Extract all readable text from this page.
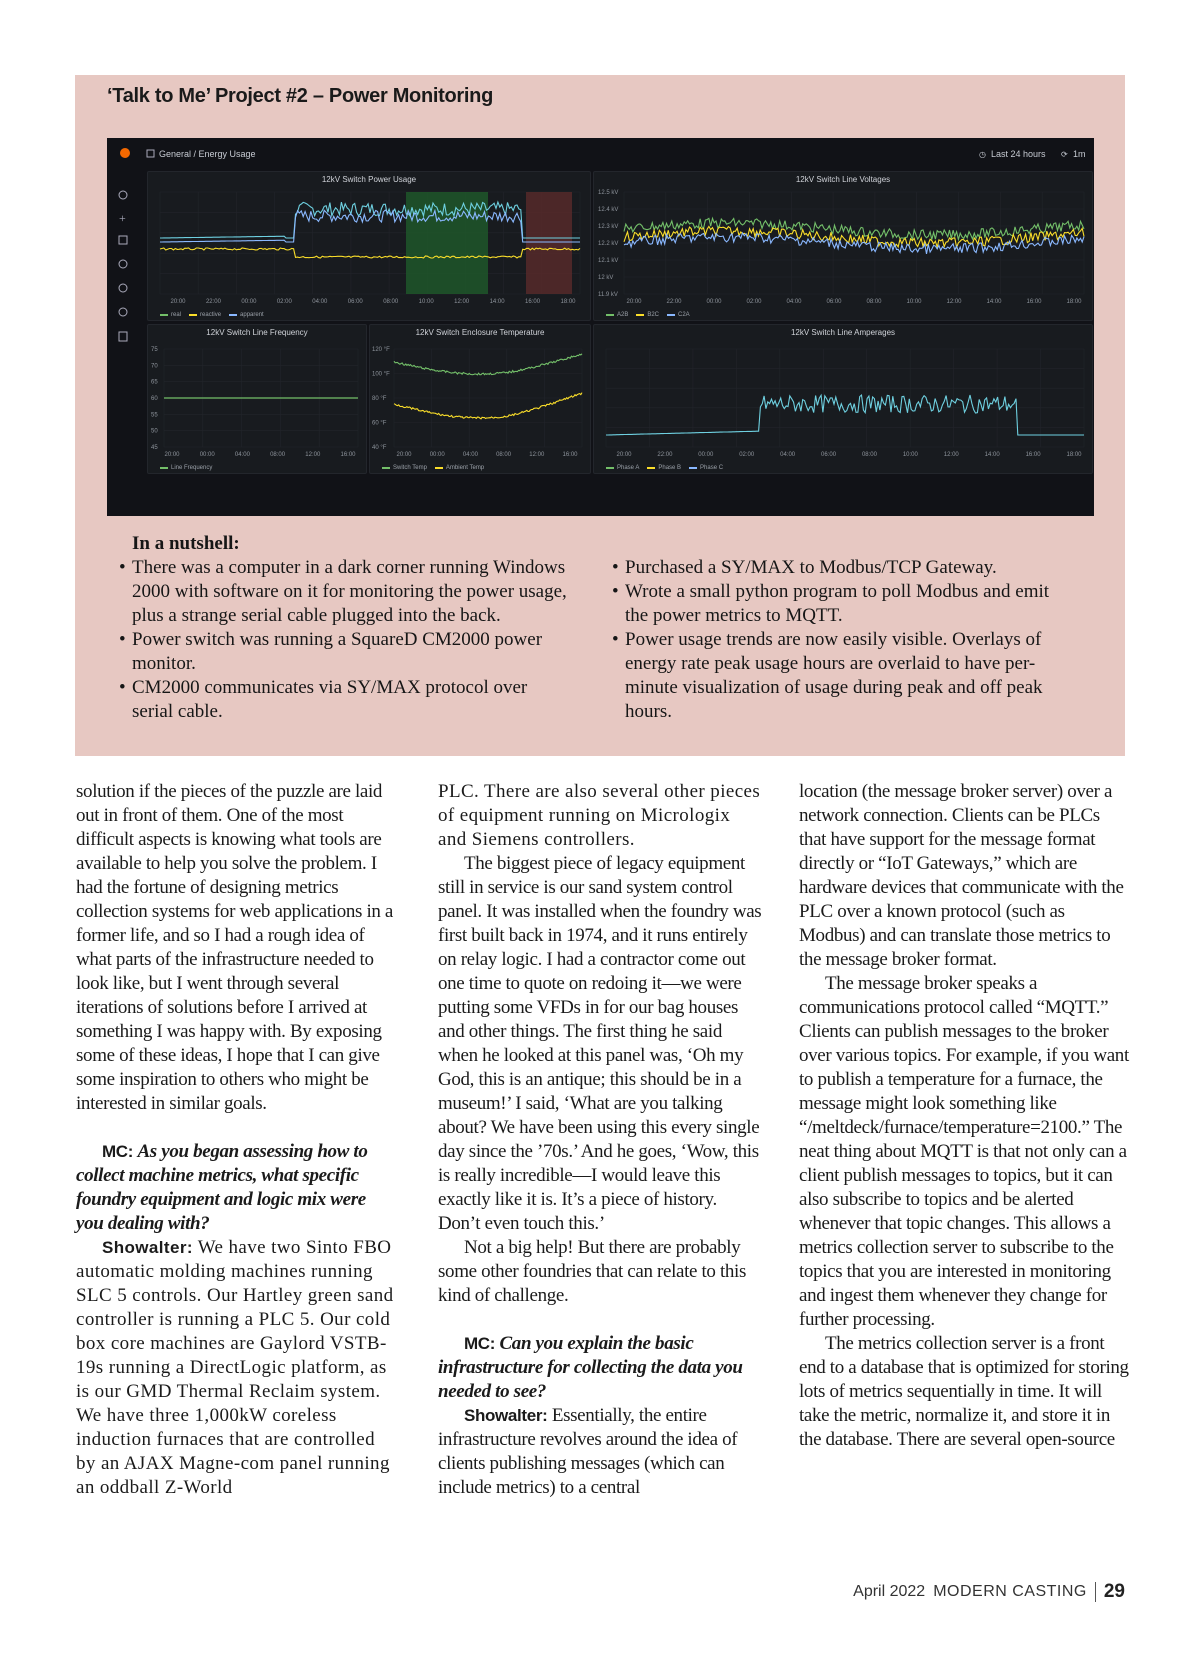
‘Talk to Me’ Project #2 – Power Monitoring
◷	⟳
General / Energy Usage	Last 24 hours	1m
+
12kV Switch Power Usage
20:00	22:00	00:00	02:00	04:00	06:00	08:00	10:00	12:00	14:00	16:00	18:00
real	reactive	apparent
12kV Switch Line Voltages
12.5 kV
12.4 kV
12.3 kV
12.2 kV
12.1 kV
12 kV
11.9 kV
20:00	22:00	00:00	02:00	04:00	06:00	08:00	10:00	12:00	14:00	16:00	18:00
A2B	B2C	C2A
12kV Switch Line Frequency
75
70
65
60
55
50
45
20:00	00:00	04:00	08:00	12:00	16:00
Line Frequency
12kV Switch Enclosure Temperature
120 °F
100 °F
80 °F
60 °F
40 °F
20:00	00:00	04:00	08:00	12:00	16:00
Switch Temp	Ambient Temp
12kV Switch Line Amperages
20:00	22:00	00:00	02:00	04:00	06:00	08:00	10:00	12:00	14:00	16:00	18:00
Phase A	Phase B	Phase C
In a nutshell:
• There was a computer in a dark corner running Windows 2000 with software on it for monitoring the power usage, plus a strange serial cable plugged into the back.
• Power switch was running a SquareD CM2000 power monitor.
• CM2000 communicates via SY/MAX protocol over serial cable.
• Purchased a SY/MAX to Modbus/TCP Gateway.
• Wrote a small python program to poll Modbus and emit the power metrics to MQTT.
• Power usage trends are now easily visible. Overlays of energy rate peak usage hours are overlaid to have per-minute visualization of usage during peak and off peak hours.

solution if the pieces of the puzzle are laid out in front of them. One of the most difficult aspects is knowing what tools are available to help you solve the problem. I had the fortune of designing metrics collection systems for web applications in a former life, and so I had a rough idea of what parts of the infrastructure needed to look like, but I went through several iterations of solutions before I arrived at something I was happy with. By exposing some of these ideas, I hope that I can give some inspiration to others who might be interested in similar goals.

MC: As you began assessing how to collect machine metrics, what specific foundry equipment and logic mix were you dealing with?

Showalter: We have two Sinto FBO automatic molding machines running SLC 5 controls. Our Hartley green sand controller is running a PLC 5. Our cold box core machines are Gaylord VSTB-19s running a DirectLogic platform, as is our GMD Thermal Reclaim system. We have three 1,000kW coreless induction furnaces that are controlled by an AJAX Magne-com panel running an oddball Z-World

PLC. There are also several other pieces of equipment running on Micrologix and Siemens controllers.

The biggest piece of legacy equipment still in service is our sand system control panel. It was installed when the foundry was first built back in 1974, and it runs entirely on relay logic. I had a contractor come out one time to quote on redoing it—we were putting some VFDs in for our bag houses and other things. The first thing he said when he looked at this panel was, ‘Oh my God, this is an antique; this should be in a museum!’ I said, ‘What are you talking about? We have been using this every single day since the ’70s.’ And he goes, ‘Wow, this is really incredible—I would leave this exactly like it is. It’s a piece of history. Don’t even touch this.’

Not a big help! But there are probably some other foundries that can relate to this kind of challenge.

MC: Can you explain the basic infrastructure for collecting the data you needed to see?

Showalter: Essentially, the entire infrastructure revolves around the idea of clients publishing messages (which can include metrics) to a central

location (the message broker server) over a network connection. Clients can be PLCs that have support for the message format directly or “IoT Gateways,” which are hardware devices that communicate with the PLC over a known protocol (such as Modbus) and can translate those metrics to the message broker format.

The message broker speaks a communications protocol called “MQTT.” Clients can publish messages to the broker over various topics. For example, if you want to publish a temperature for a furnace, the message might look something like “/meltdeck/furnace/temperature=2100.” The neat thing about MQTT is that not only can a client publish messages to topics, but it can also subscribe to topics and be alerted whenever that topic changes. This allows a metrics collection server to subscribe to the topics that you are interested in monitoring and ingest them whenever they change for further processing.

The metrics collection server is a front end to a database that is optimized for storing lots of metrics sequentially in time. It will take the metric, normalize it, and store it in the database. There are several open-source

April 2022 MODERN CASTING 29
